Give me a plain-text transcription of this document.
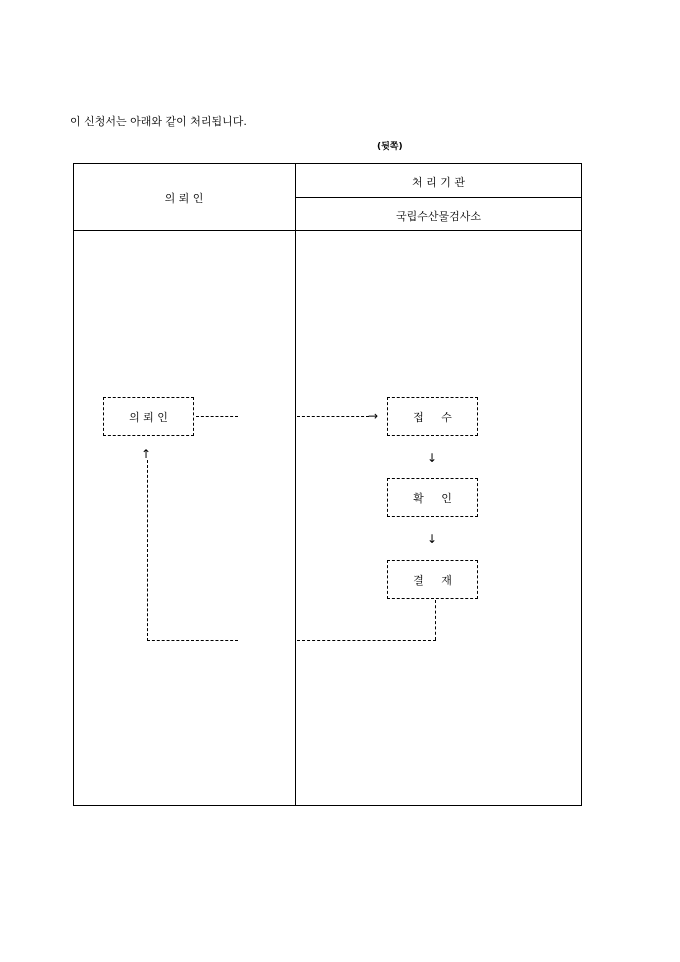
이 신청서는 아래와 같이 처리됩니다.
(뒷쪽)
의 뢰 인
처 리 기 관
국립수산물검사소
의 뢰 인	접     수
확     인
결     재
→
↓
↓
↑
